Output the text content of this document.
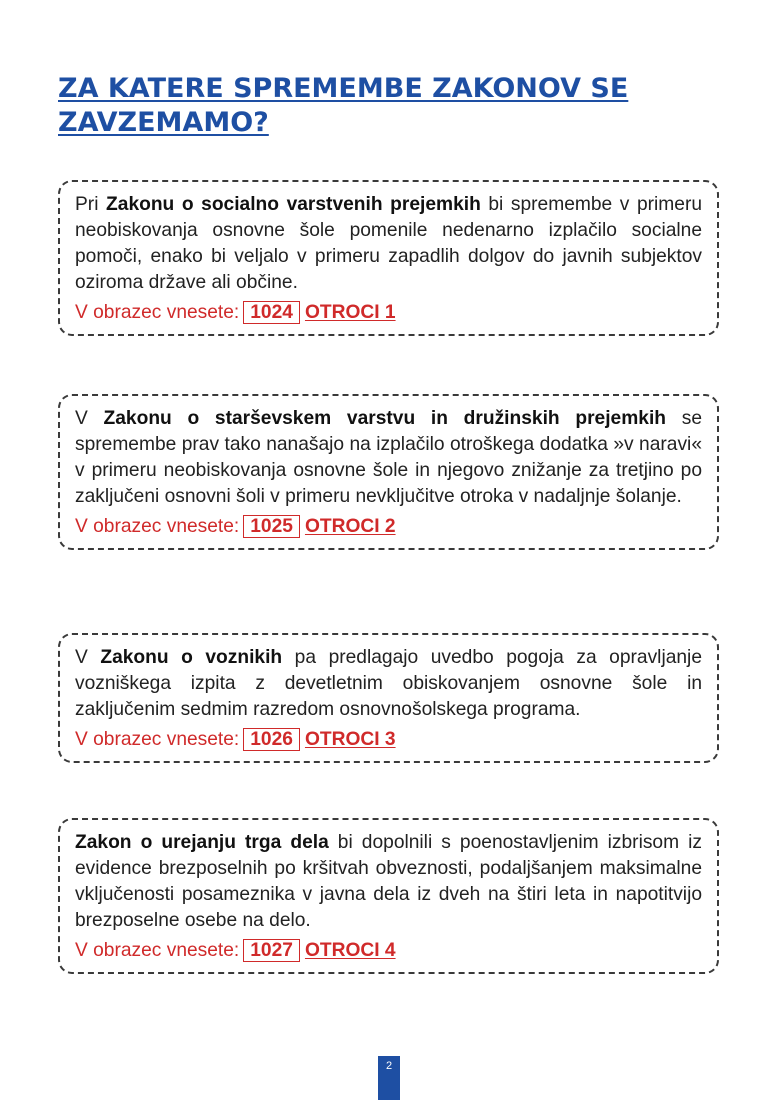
ZA KATERE SPREMEMBE ZAKONOV SE ZAVZEMAMO?

Pri Zakonu o socialno varstvenih prejemkih bi spremembe v primeru neobiskovanja osnovne šole pomenile nedenarno izplačilo socialne pomoči, enako bi veljalo v primeru zapadlih dolgov do javnih subjektov oziroma države ali občine.

V obrazec vnesete: 1024 OTROCI 1

V Zakonu o starševskem varstvu in družinskih prejemkih se spremembe prav tako nanašajo na izplačilo otroškega dodatka »v naravi« v primeru neobiskovanja osnovne šole in njegovo znižanje za tretjino po zaključeni osnovni šoli v primeru nevključitve otroka v nadaljnje šolanje.

V obrazec vnesete: 1025 OTROCI 2

V Zakonu o voznikih pa predlagajo uvedbo pogoja za opravljanje vozniškega izpita z devetletnim obiskovanjem osnovne šole in zaključenim sedmim razredom osnovnošolskega programa.

V obrazec vnesete: 1026 OTROCI 3

Zakon o urejanju trga dela bi dopolnili s poenostavljenim izbrisom iz evidence brezposelnih po kršitvah obveznosti, podaljšanjem maksimalne vključenosti posameznika v javna dela iz dveh na štiri leta in napotitvijo brezposelne osebe na delo.

V obrazec vnesete: 1027 OTROCI 4
2
